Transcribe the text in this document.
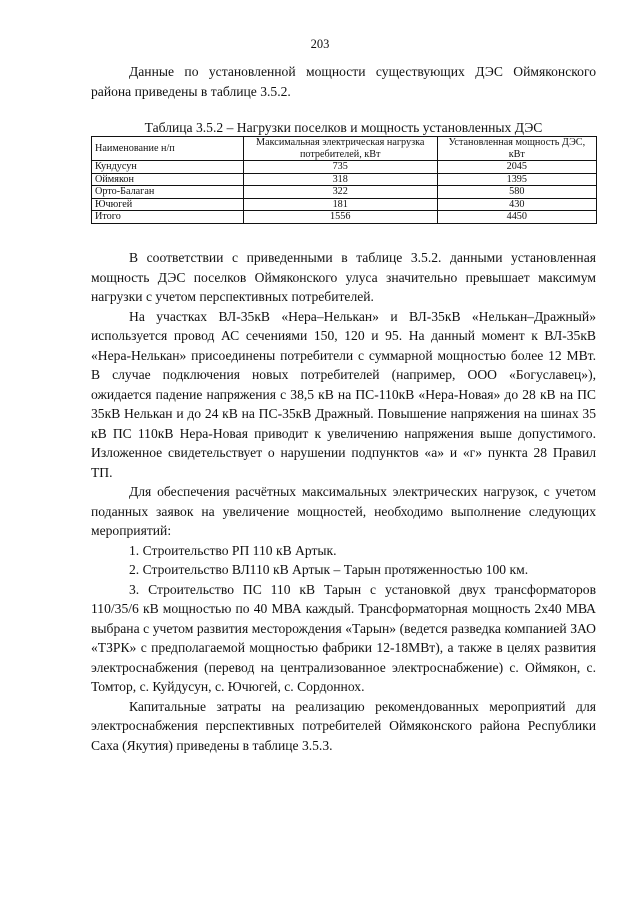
203

Данные по установленной мощности существующих ДЭС Оймяконского района приведены в таблице 3.5.2.

Таблица 3.5.2 – Нагрузки поселков и мощность установленных ДЭС
Наименование н/п	Максимальная электрическая нагрузка потребителей, кВт	Установленная мощность ДЭС, кВт
Кундусун	735	2045
Оймякон	318	1395
Орто-Балаган	322	580
Ючюгей	181	430
Итого	1556	4450

В соответствии с приведенными в таблице 3.5.2. данными установленная мощность ДЭС поселков Оймяконского улуса значительно превышает максимум нагрузки с учетом перспективных потребителей.

На участках ВЛ-35кВ «Нера–Нелькан» и ВЛ-35кВ «Нелькан–Дражный» используется провод АС сечениями 150, 120 и 95. На данный момент к ВЛ-35кВ «Нера-Нелькан» присоединены потребители с суммарной мощностью более 12 МВт. В случае подключения новых потребителей (например, ООО «Богуславец»), ожидается падение напряжения с 38,5 кВ на ПС-110кВ «Нера-Новая» до 28 кВ на ПС 35кВ Нелькан и до 24 кВ на ПС-35кВ Дражный. Повышение напряжения на шинах 35 кВ ПС 110кВ Нера-Новая приводит к увеличению напряжения выше допустимого. Изложенное свидетельствует о нарушении подпунктов «а» и «г» пункта 28 Правил ТП.

Для обеспечения расчётных максимальных электрических нагрузок, с учетом поданных заявок на увеличение мощностей, необходимо выполнение следующих мероприятий:

1. Строительство РП 110 кВ Артык.

2. Строительство ВЛ110 кВ Артык – Тарын протяженностью 100 км.

3. Строительство ПС 110 кВ Тарын с установкой двух трансформаторов 110/35/6 кВ мощностью по 40 МВА каждый. Трансформаторная мощность 2х40 МВА выбрана с учетом развития месторождения «Тарын» (ведется разведка компанией ЗАО «ТЗРК» с предполагаемой мощностью фабрики 12-18МВт), а также в целях развития электроснабжения (перевод на централизованное электроснабжение) с. Оймякон, с. Томтор, с. Куйдусун, с. Ючюгей, с. Сордоннох.

Капитальные затраты на реализацию рекомендованных мероприятий для электроснабжения перспективных потребителей Оймяконского района Республики Саха (Якутия) приведены в таблице 3.5.3.
